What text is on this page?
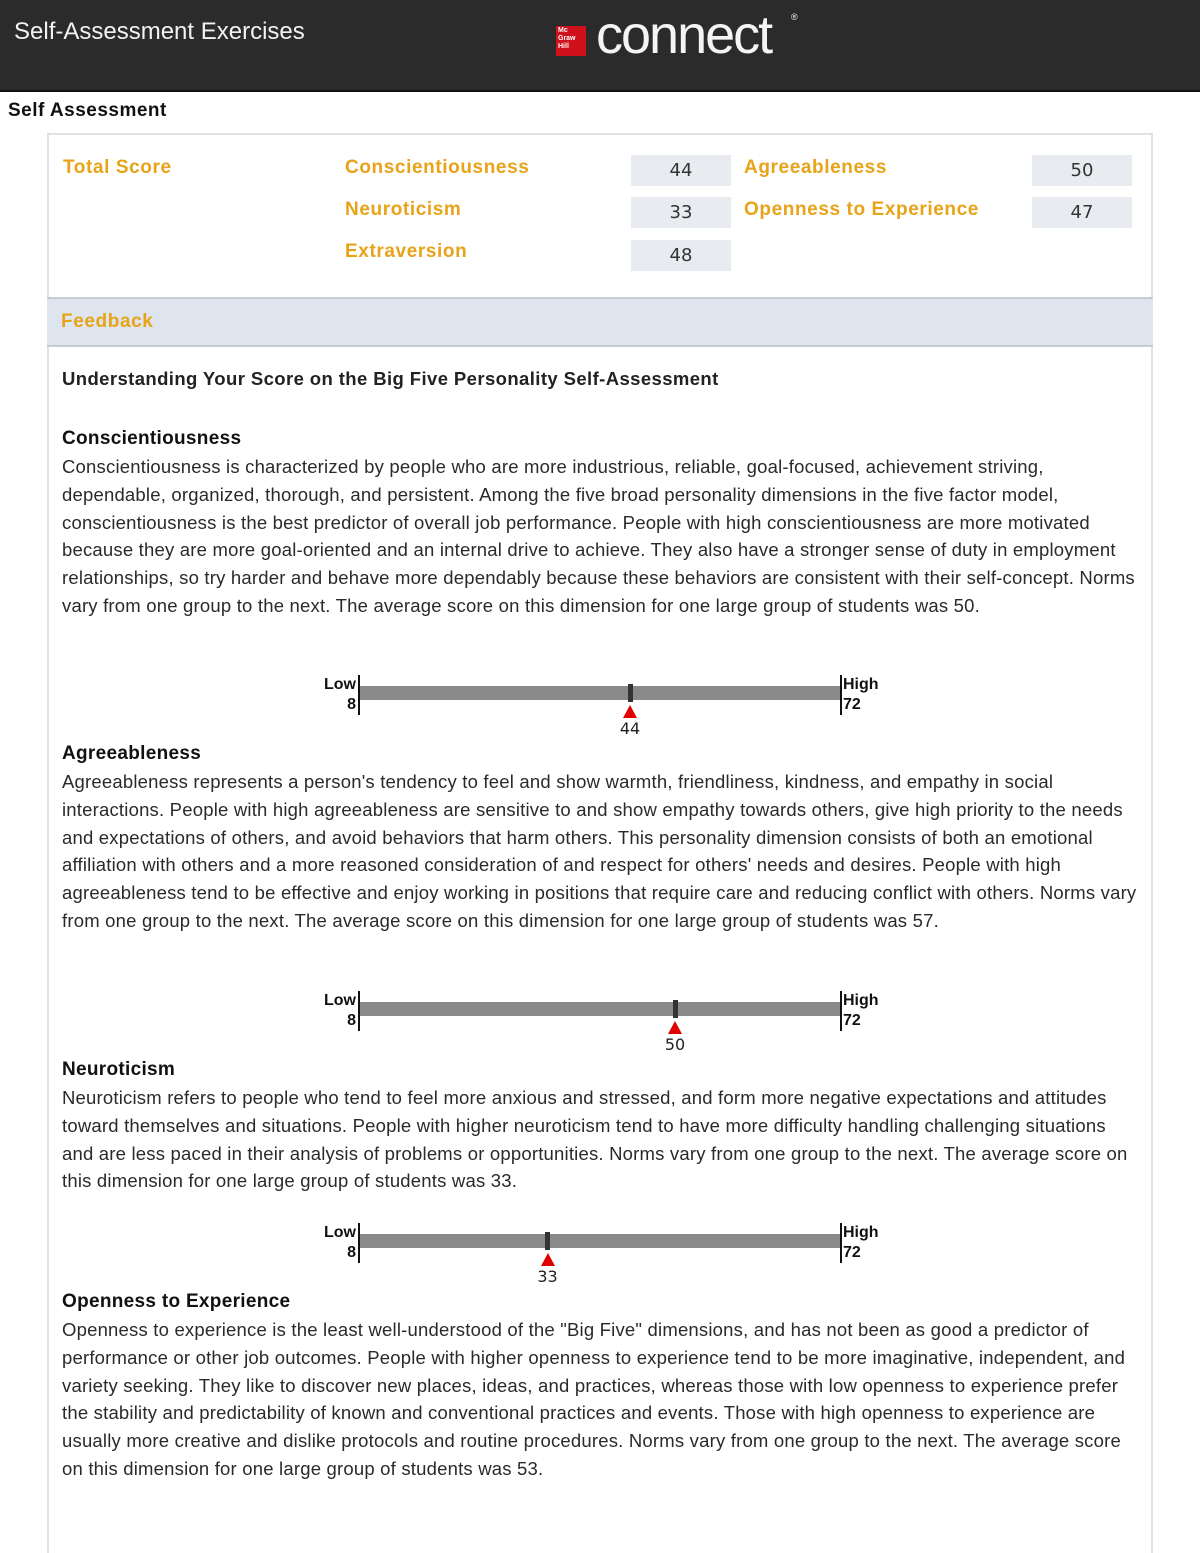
Self-Assessment Exercises	Mc Graw Hill connect ®
Self Assessment
Total Score	Conscientiousness	44	Agreeableness	50
Neuroticism	33	Openness to Experience	47
Extraversion	48
Feedback
Understanding Your Score on the Big Five Personality Self-Assessment
Conscientiousness
Conscientiousness is characterized by people who are more industrious, reliable, goal-focused, achievement striving, dependable, organized, thorough, and persistent. Among the five broad personality dimensions in the five factor model, conscientiousness is the best predictor of overall job performance. People with high conscientiousness are more motivated because they are more goal-oriented and an internal drive to achieve. They also have a stronger sense of duty in employment relationships, so try harder and behave more dependably because these behaviors are consistent with their self-concept. Norms vary from one group to the next. The average score on this dimension for one large group of students was 50.
Low
8
High
72
44
Agreeableness
Agreeableness represents a person's tendency to feel and show warmth, friendliness, kindness, and empathy in social interactions. People with high agreeableness are sensitive to and show empathy towards others, give high priority to the needs and expectations of others, and avoid behaviors that harm others. This personality dimension consists of both an emotional affiliation with others and a more reasoned consideration of and respect for others' needs and desires. People with high agreeableness tend to be effective and enjoy working in positions that require care and reducing conflict with others. Norms vary from one group to the next. The average score on this dimension for one large group of students was 57.
Low
8
High
72
50
Neuroticism
Neuroticism refers to people who tend to feel more anxious and stressed, and form more negative expectations and attitudes toward themselves and situations. People with higher neuroticism tend to have more difficulty handling challenging situations and are less paced in their analysis of problems or opportunities. Norms vary from one group to the next. The average score on this dimension for one large group of students was 33.
Low
8
High
72
33
Openness to Experience
Openness to experience is the least well-understood of the "Big Five" dimensions, and has not been as good a predictor of performance or other job outcomes. People with higher openness to experience tend to be more imaginative, independent, and variety seeking. They like to discover new places, ideas, and practices, whereas those with low openness to experience prefer the stability and predictability of known and conventional practices and events. Those with high openness to experience are usually more creative and dislike protocols and routine procedures. Norms vary from one group to the next. The average score on this dimension for one large group of students was 53.
